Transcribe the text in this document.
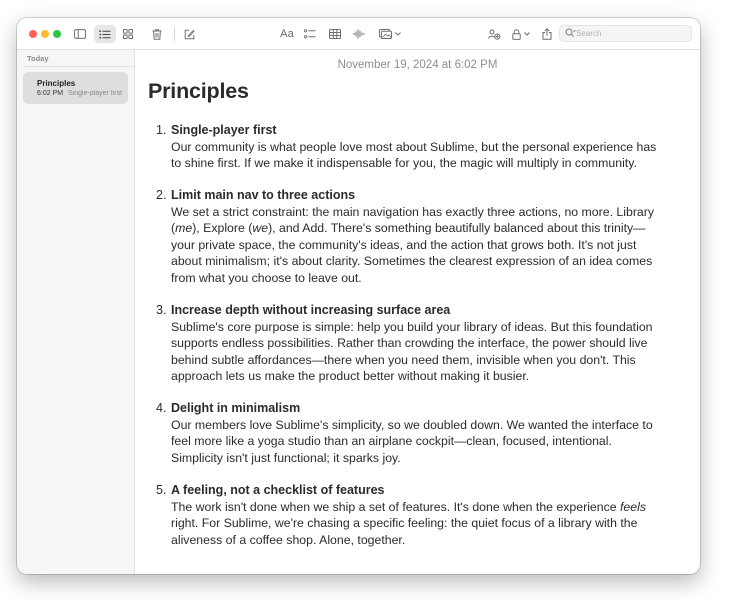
Aa
Search
Today
Principles
6:02 PM Single-player first
November 19, 2024 at 6:02 PM
Principles
1. Single-player first
Our community is what people love most about Sublime, but the personal experience has
to shine first. If we make it indispensable for you, the magic will multiply in community.
2. Limit main nav to three actions
We set a strict constraint: the main navigation has exactly three actions, no more. Library
(me), Explore (we), and Add. There's something beautifully balanced about this trinity—
your private space, the community's ideas, and the action that grows both. It's not just
about minimalism; it's about clarity. Sometimes the clearest expression of an idea comes
from what you choose to leave out.
3. Increase depth without increasing surface area
Sublime's core purpose is simple: help you build your library of ideas. But this foundation
supports endless possibilities. Rather than crowding the interface, the power should live
behind subtle affordances—there when you need them, invisible when you don't. This
approach lets us make the product better without making it busier.
4. Delight in minimalism
Our members love Sublime's simplicity, so we doubled down. We wanted the interface to
feel more like a yoga studio than an airplane cockpit—clean, focused, intentional.
Simplicity isn't just functional; it sparks joy.
5. A feeling, not a checklist of features
The work isn't done when we ship a set of features. It's done when the experience feels
right. For Sublime, we're chasing a specific feeling: the quiet focus of a library with the
aliveness of a coffee shop. Alone, together.
